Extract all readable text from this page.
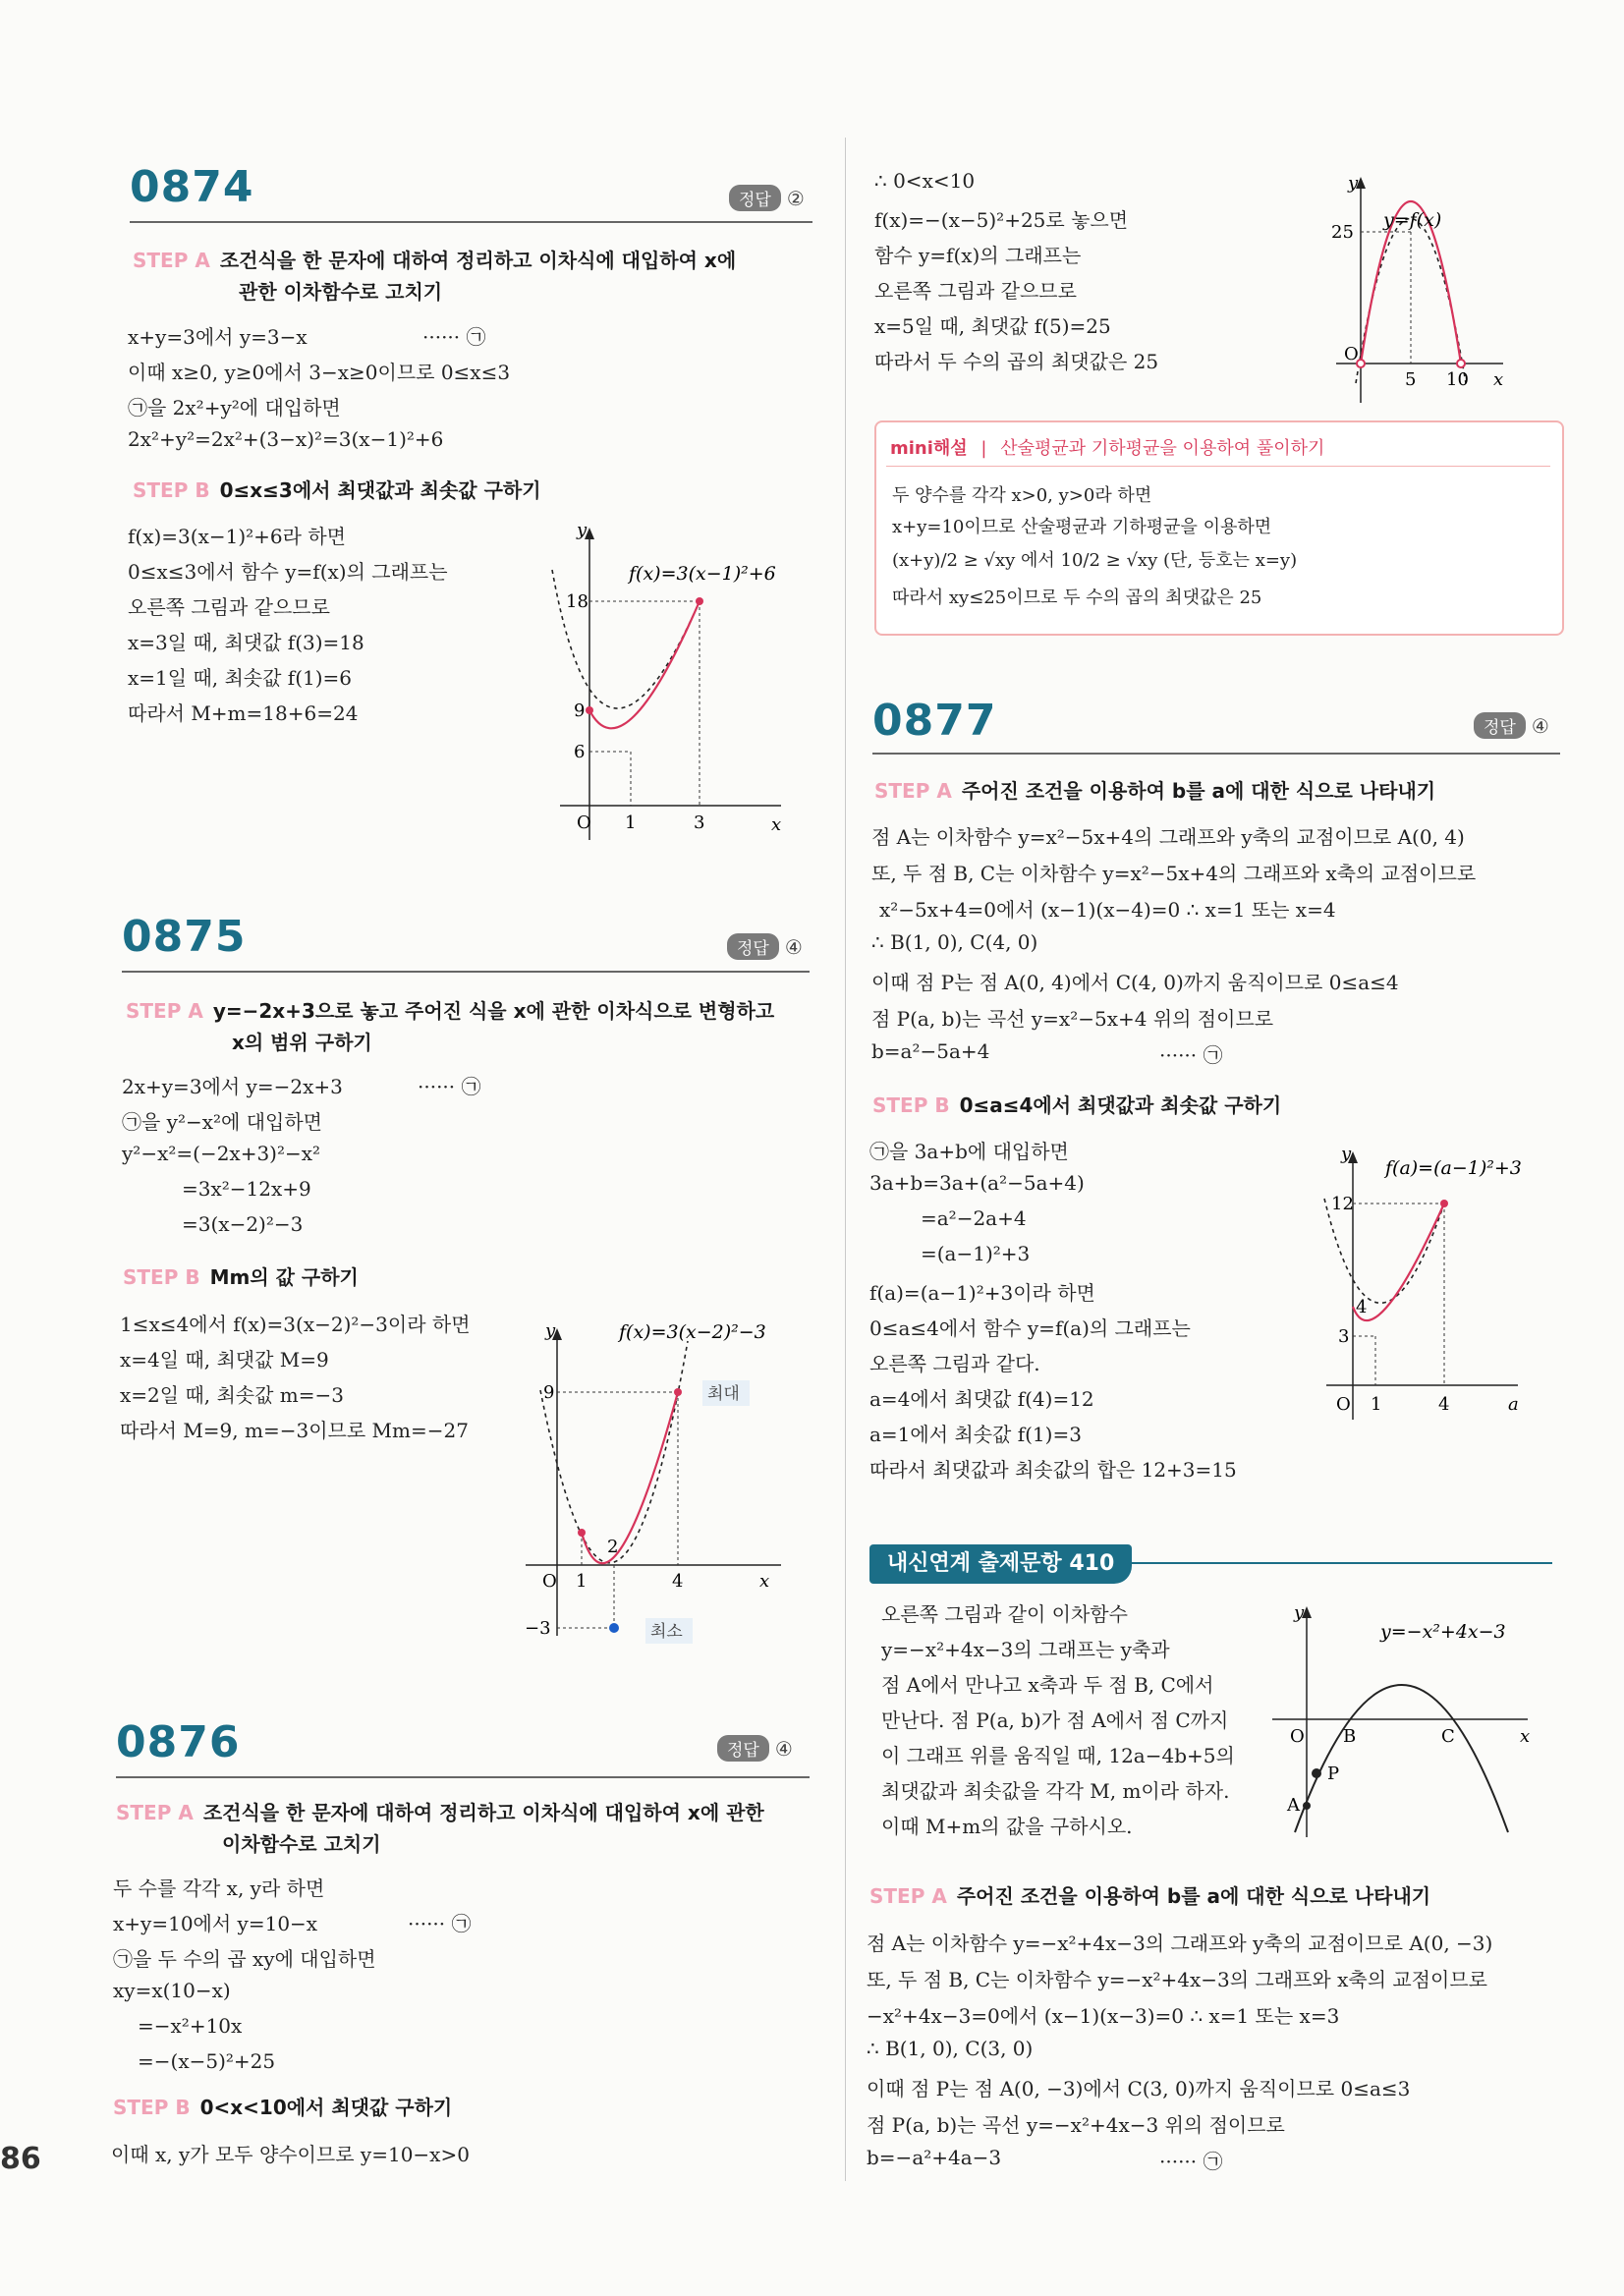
0874	정답 ②
STEP A 조건식을 한 문자에 대하여 정리하고 이차식에 대입하여 x에
관한 이차함수로 고치기
x+y=3에서 y=3−x	······ ㉠
이때 x≥0, y≥0에서 3−x≥0이므로 0≤x≤3
㉠을 2x²+y²에 대입하면
2x²+y²=2x²+(3−x)²=3(x−1)²+6
STEP B 0≤x≤3에서 최댓값과 최솟값 구하기
f(x)=3(x−1)²+6라 하면
0≤x≤3에서 함수 y=f(x)의 그래프는
오른쪽 그림과 같으므로
x=3일 때, 최댓값 f(3)=18
x=1일 때, 최솟값 f(1)=6
따라서 M+m=18+6=24
y
x
O
18
9
6
1	3
f(x)=3(x−1)²+6
0875	정답 ④
STEP A y=−2x+3으로 놓고 주어진 식을 x에 관한 이차식으로 변형하고
x의 범위 구하기
2x+y=3에서 y=−2x+3	······ ㉠
㉠을 y²−x²에 대입하면
y²−x²=(−2x+3)²−x²
=3x²−12x+9
=3(x−2)²−3
STEP B Mm의 값 구하기
1≤x≤4에서 f(x)=3(x−2)²−3이라 하면
x=4일 때, 최댓값 M=9
x=2일 때, 최솟값 m=−3
따라서 M=9, m=−3이므로 Mm=−27
y
x
O
9
2
1	4
−3
최대
최소
f(x)=3(x−2)²−3
0876	정답 ④
STEP A 조건식을 한 문자에 대하여 정리하고 이차식에 대입하여 x에 관한
이차함수로 고치기
두 수를 각각 x, y라 하면
x+y=10에서 y=10−x	······ ㉠
㉠을 두 수의 곱 xy에 대입하면
xy=x(10−x)
=−x²+10x
=−(x−5)²+25
STEP B 0<x<10에서 최댓값 구하기
이때 x, y가 모두 양수이므로 y=10−x>0
86
∴ 0<x<10
f(x)=−(x−5)²+25로 놓으면
함수 y=f(x)의 그래프는
오른쪽 그림과 같으므로
x=5일 때, 최댓값 f(5)=25
따라서 두 수의 곱의 최댓값은 25
y
x
O
25
5 10
y=f(x)
mini해설 | 산술평균과 기하평균을 이용하여 풀이하기
두 양수를 각각 x>0, y>0라 하면
x+y=10이므로 산술평균과 기하평균을 이용하면
(x+y)/2 ≥ √xy 에서 10/2 ≥ √xy (단, 등호는 x=y)
따라서 xy≤25이므로 두 수의 곱의 최댓값은 25
0877	정답 ④
STEP A 주어진 조건을 이용하여 b를 a에 대한 식으로 나타내기
점 A는 이차함수 y=x²−5x+4의 그래프와 y축의 교점이므로 A(0, 4)
또, 두 점 B, C는 이차함수 y=x²−5x+4의 그래프와 x축의 교점이므로
x²−5x+4=0에서 (x−1)(x−4)=0 ∴ x=1 또는 x=4
∴ B(1, 0), C(4, 0)
이때 점 P는 점 A(0, 4)에서 C(4, 0)까지 움직이므로 0≤a≤4
점 P(a, b)는 곡선 y=x²−5x+4 위의 점이므로
b=a²−5a+4	······ ㉠
STEP B 0≤a≤4에서 최댓값과 최솟값 구하기
㉠을 3a+b에 대입하면
3a+b=3a+(a²−5a+4)
=a²−2a+4
=(a−1)²+3
f(a)=(a−1)²+3이라 하면
0≤a≤4에서 함수 y=f(a)의 그래프는
오른쪽 그림과 같다.
a=4에서 최댓값 f(4)=12
a=1에서 최솟값 f(1)=3
따라서 최댓값과 최솟값의 합은 12+3=15
y
a
O
12
4
3
1	4
f(a)=(a−1)²+3
내신연계 출제문항 410
오른쪽 그림과 같이 이차함수
y=−x²+4x−3의 그래프는 y축과
점 A에서 만나고 x축과 두 점 B, C에서
만난다. 점 P(a, b)가 점 A에서 점 C까지
이 그래프 위를 움직일 때, 12a−4b+5의
최댓값과 최솟값을 각각 M, m이라 하자.
이때 M+m의 값을 구하시오.
y
x
O
A
B	C
P
y=−x²+4x−3
STEP A 주어진 조건을 이용하여 b를 a에 대한 식으로 나타내기
점 A는 이차함수 y=−x²+4x−3의 그래프와 y축의 교점이므로 A(0, −3)
또, 두 점 B, C는 이차함수 y=−x²+4x−3의 그래프와 x축의 교점이므로
−x²+4x−3=0에서 (x−1)(x−3)=0 ∴ x=1 또는 x=3
∴ B(1, 0), C(3, 0)
이때 점 P는 점 A(0, −3)에서 C(3, 0)까지 움직이므로 0≤a≤3
점 P(a, b)는 곡선 y=−x²+4x−3 위의 점이므로
b=−a²+4a−3	······ ㉠
